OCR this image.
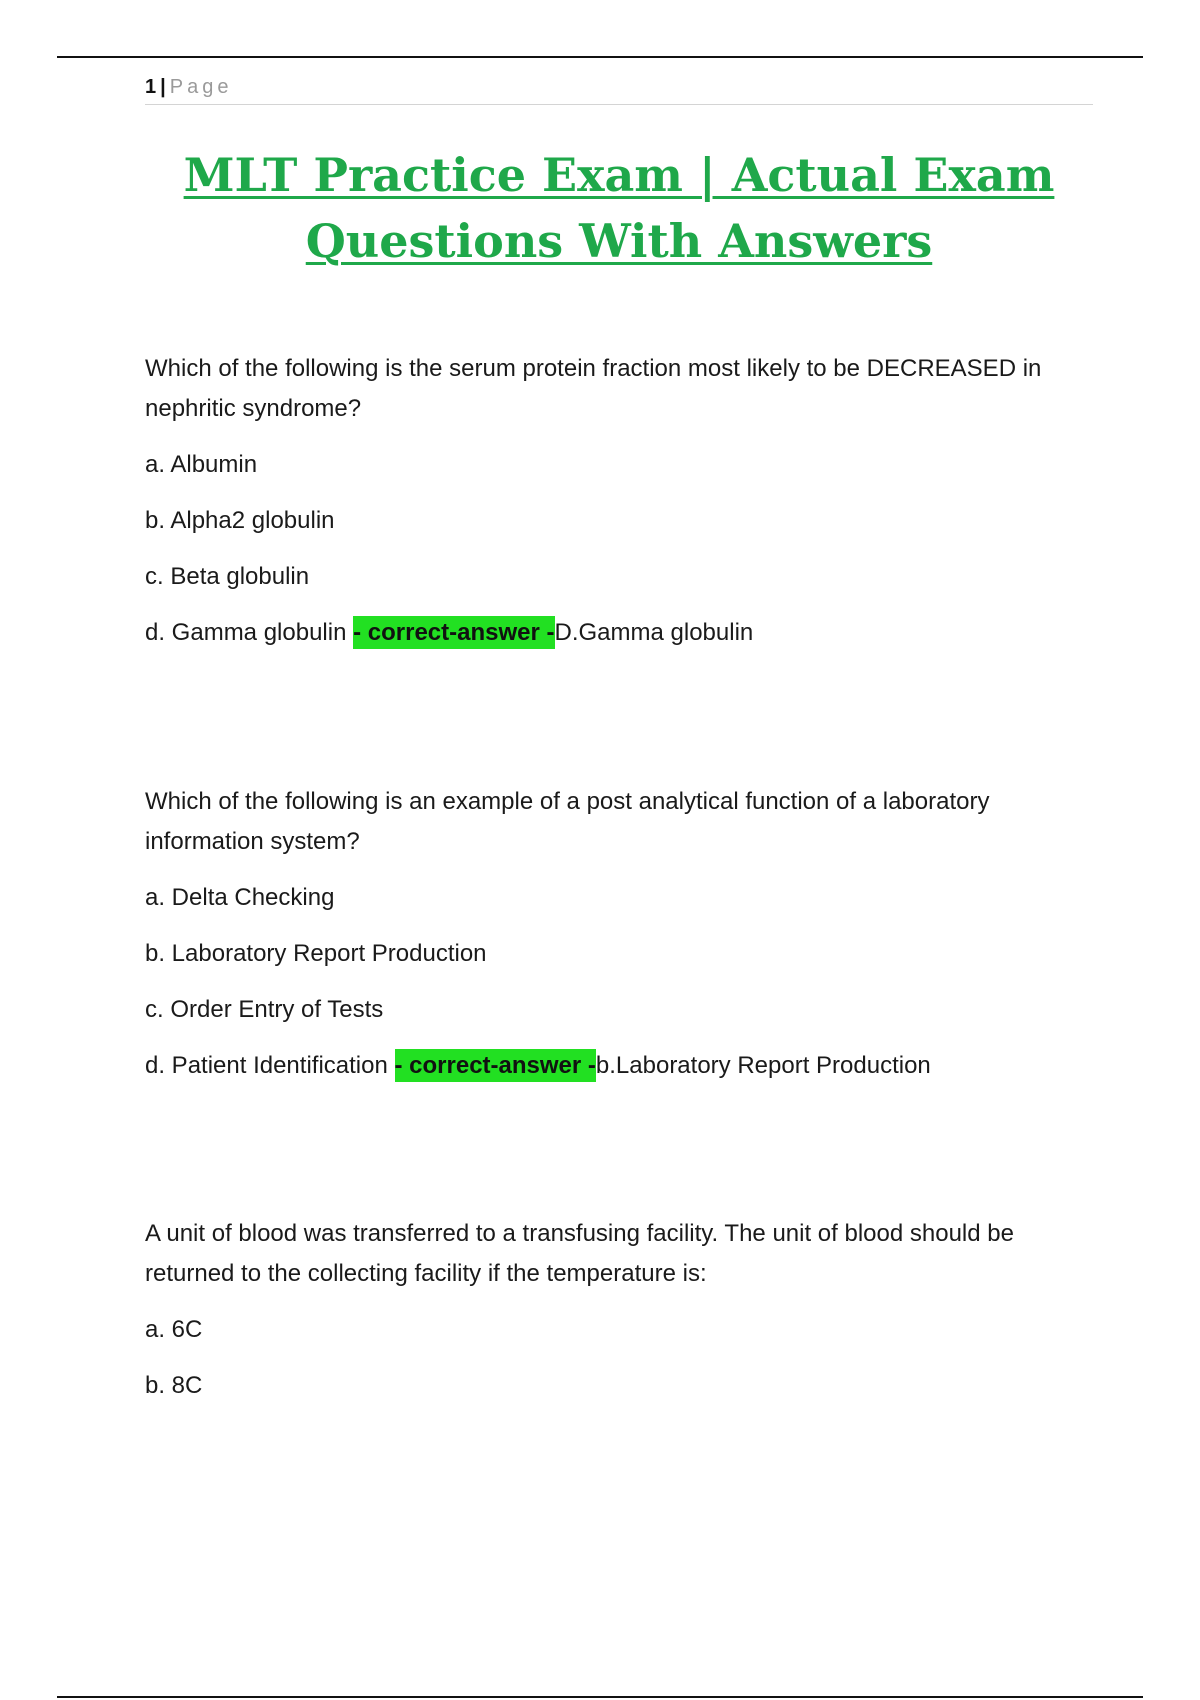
1 | Page
MLT Practice Exam | Actual Exam
Questions With Answers

Which of the following is the serum protein fraction most likely to be DECREASED in nephritic syndrome?

a. Albumin
b. Alpha2 globulin
c. Beta globulin
d. Gamma globulin - correct-answer -D.Gamma globulin

Which of the following is an example of a post analytical function of a laboratory information system?

a. Delta Checking
b. Laboratory Report Production
c. Order Entry of Tests
d. Patient Identification - correct-answer -b.Laboratory Report Production

A unit of blood was transferred to a transfusing facility. The unit of blood should be returned to the collecting facility if the temperature is:

a. 6C
b. 8C
